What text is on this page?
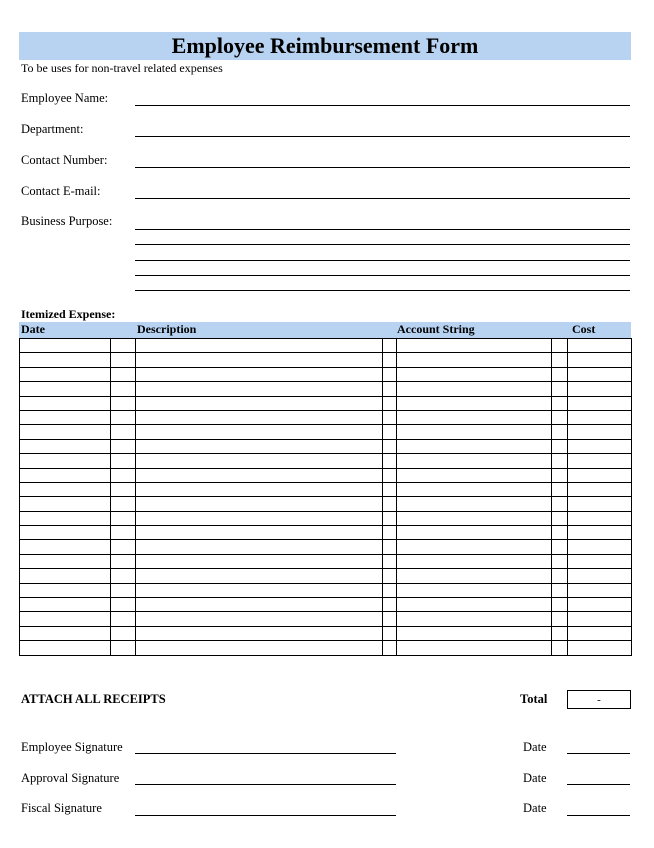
Employee Reimbursement Form
To be uses for non-travel related expenses
Employee Name:
Department:
Contact Number:
Contact E-mail:
Business Purpose:
Itemized Expense:
Date	Description	Account String	Cost

ATTACH ALL RECEIPTS	Total	-
Employee Signature	Date
Approval Signature	Date
Fiscal Signature	Date
